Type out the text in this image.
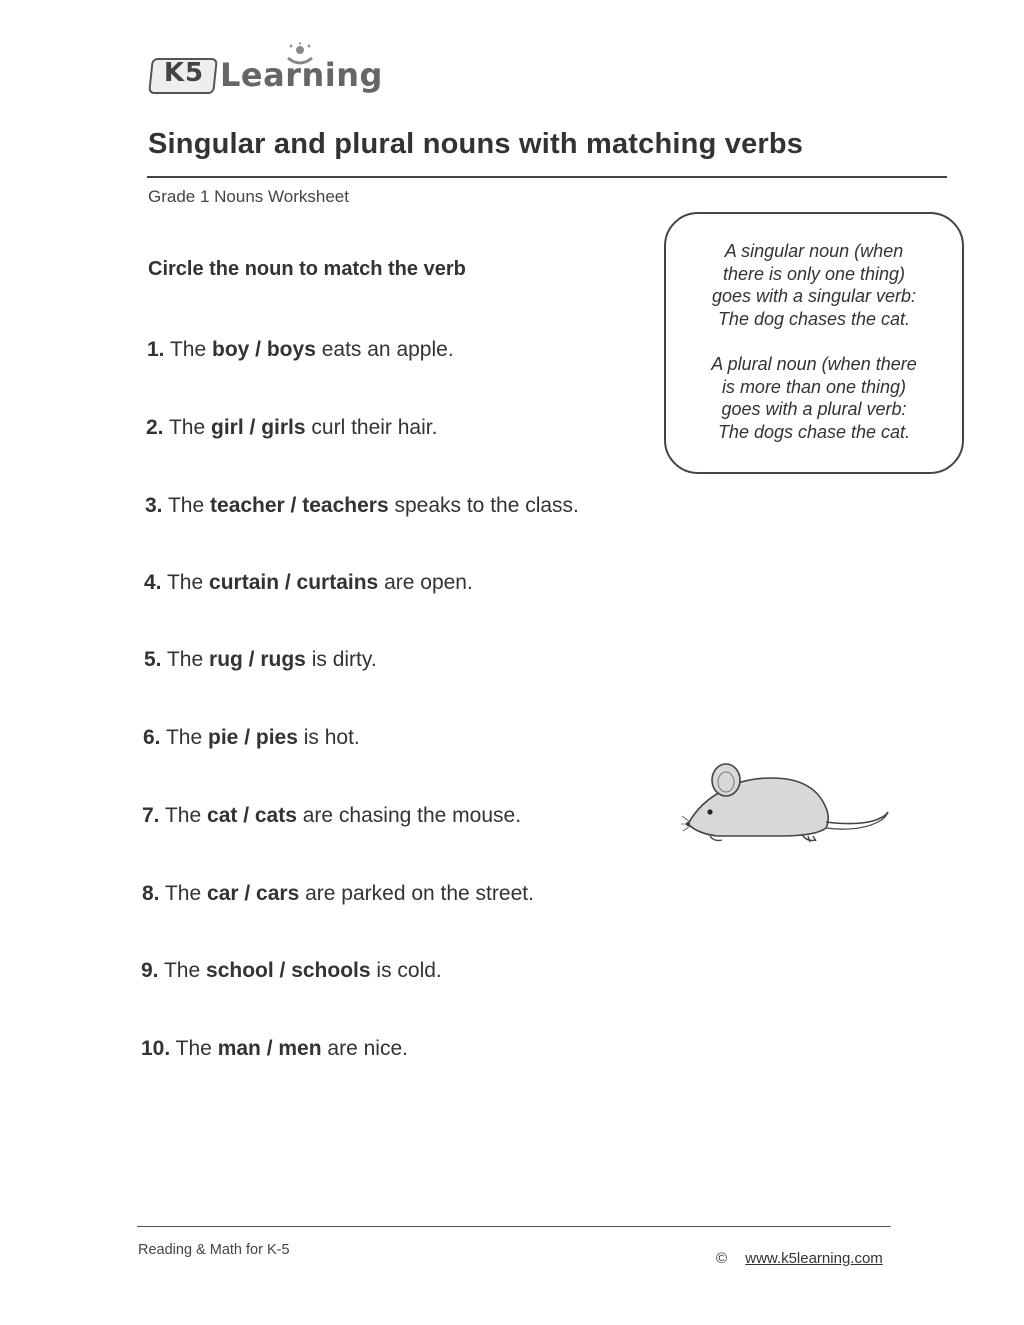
K5 Learning
Singular and plural nouns with matching verbs
Grade 1 Nouns Worksheet
Circle the noun to match the verb
1. The boy / boys eats an apple.
2. The girl / girls curl their hair.
3. The teacher / teachers speaks to the class.
4. The curtain / curtains are open.
5. The rug / rugs is dirty.
6. The pie / pies is hot.
7. The cat / cats are chasing the mouse.
8. The car / cars are parked on the street.
9. The school / schools is cold.
10. The man / men are nice.
A singular noun (when
there is only one thing)
goes with a singular verb:
The dog chases the cat.
A plural noun (when there
is more than one thing)
goes with a plural verb:
The dogs chase the cat.
Reading & Math for K-5	© www.k5learning.com
